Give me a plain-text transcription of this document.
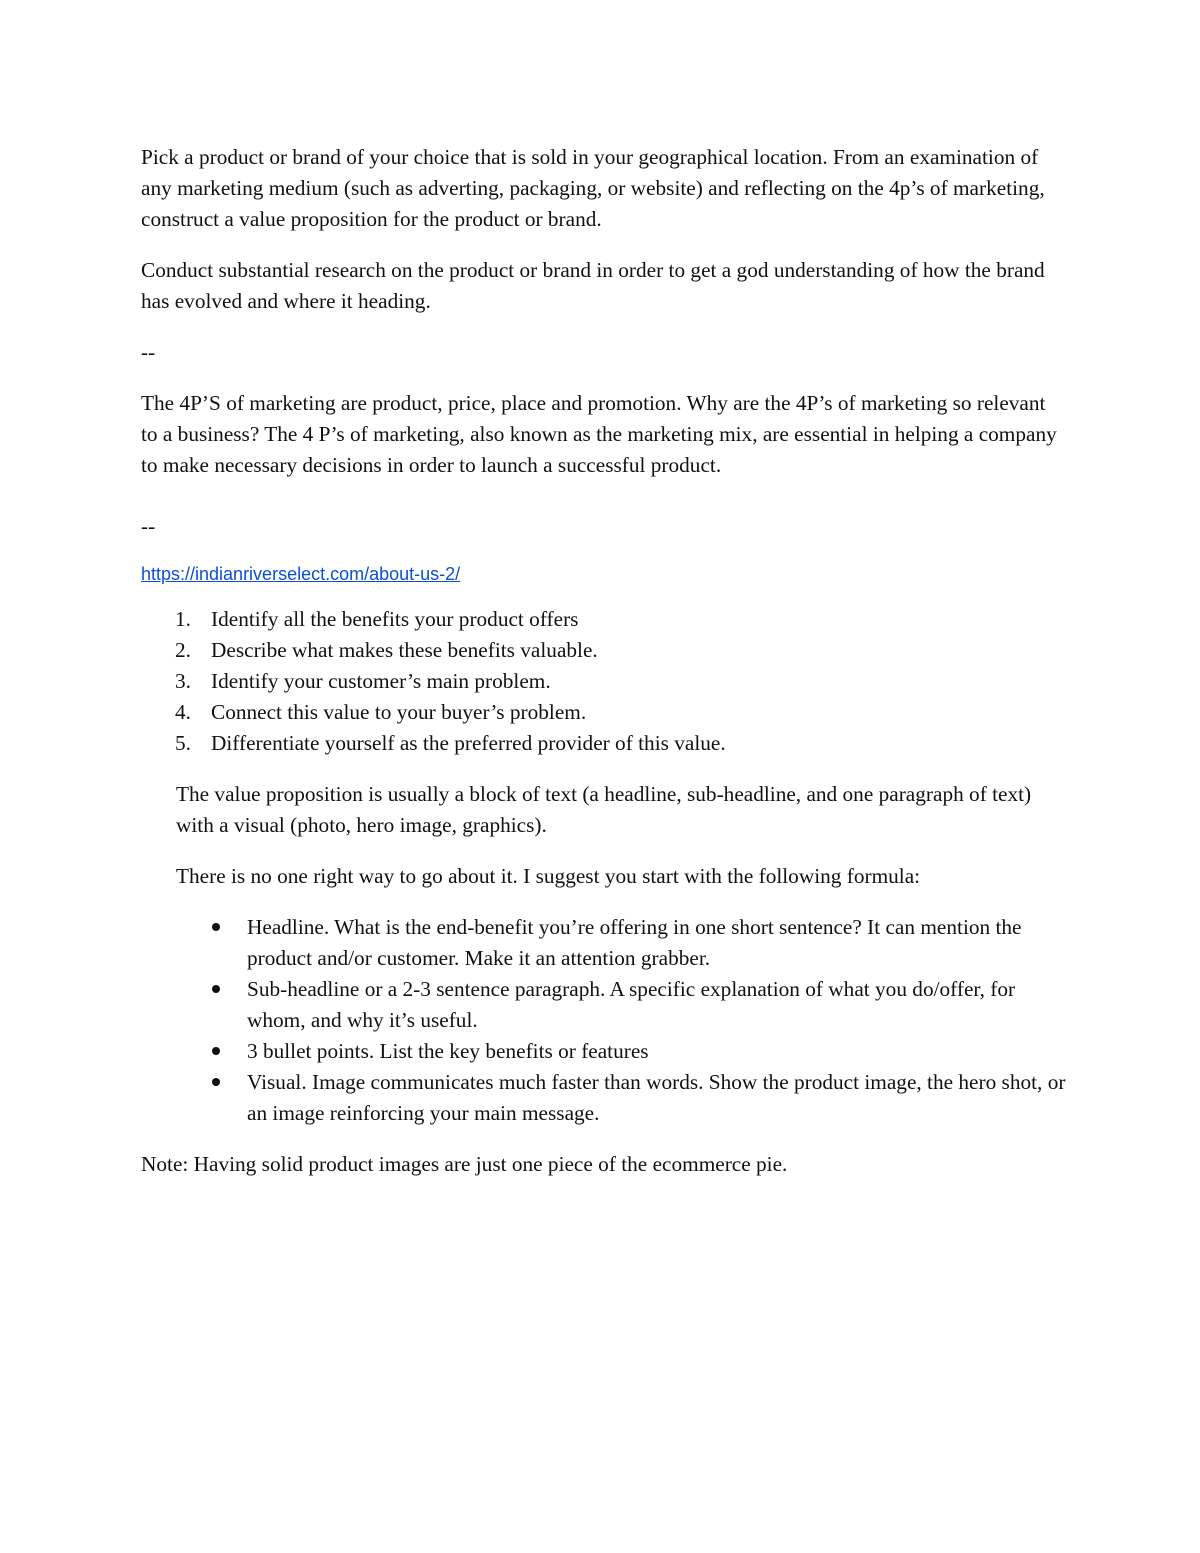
Pick a product or brand of your choice that is sold in your geographical location. From an examination of any marketing medium (such as adverting, packaging, or website) and reflecting on the 4p’s of marketing, construct a value proposition for the product or brand.

Conduct substantial research on the product or brand in order to get a god understanding of how the brand has evolved and where it heading.

--

The 4P’S of marketing are product, price, place and promotion. Why are the 4P’s of marketing so relevant to a business? The 4 P’s of marketing, also known as the marketing mix, are essential in helping a company to make necessary decisions in order to launch a successful product.

--
https://indianriverselect.com/about-us-2/
1. Identify all the benefits your product offers
2. Describe what makes these benefits valuable.
3. Identify your customer’s main problem.
4. Connect this value to your buyer’s problem.
5. Differentiate yourself as the preferred provider of this value.

The value proposition is usually a block of text (a headline, sub-headline, and one paragraph of text) with a visual (photo, hero image, graphics).

There is no one right way to go about it. I suggest you start with the following formula:

Headline. What is the end-benefit you’re offering in one short sentence? It can mention the product and/or customer. Make it an attention grabber.
Sub-headline or a 2-3 sentence paragraph. A specific explanation of what you do/offer, for whom, and why it’s useful.
3 bullet points. List the key benefits or features
Visual. Image communicates much faster than words. Show the product image, the hero shot, or an image reinforcing your main message.

Note: Having solid product images are just one piece of the ecommerce pie.
